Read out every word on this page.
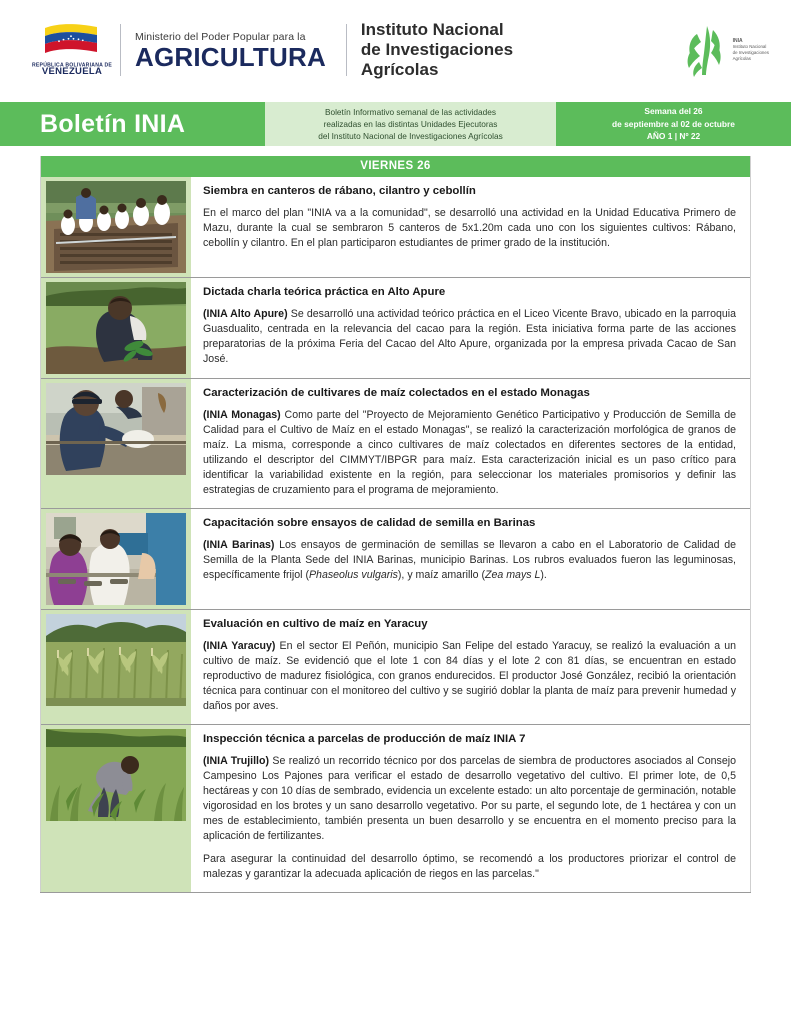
REPÚBLICA BOLIVARIANA DE
VENEZUELA
Ministerio del Poder Popular para la
AGRICULTURA
Instituto Nacional
de Investigaciones
Agrícolas
INIA
Instituto Nacional
de Investigaciones
Agrícolas
Boletín INIA	Boletín Informativo semanal de las actividades
realizadas en las distintas Unidades Ejecutoras
del Instituto Nacional de Investigaciones Agrícolas
Semana del 26
de septiembre al 02 de octubre
AÑO 1 | Nº 22
VIERNES 26
Siembra en canteros de rábano, cilantro y cebollín

En el marco del plan "INIA va a la comunidad", se desarrolló una actividad en la Unidad Educativa Primero de Mazu, durante la cual se sembraron 5 canteros de 5x1.20m cada uno con los siguientes cultivos: Rábano, cebollín y cilantro. En el plan participaron estudiantes de primer grado de la institución.

Dictada charla teórica práctica en Alto Apure

(INIA Alto Apure) Se desarrolló una actividad teórico práctica en el Liceo Vicente Bravo, ubicado en la parroquia Guasdualito, centrada en la relevancia del cacao para la región. Esta iniciativa forma parte de las acciones preparatorias de la próxima Feria del Cacao del Alto Apure, organizada por la empresa privada Cacao de San José.

Caracterización de cultivares de maíz colectados en el estado Monagas

(INIA Monagas) Como parte del "Proyecto de Mejoramiento Genético Participativo y Producción de Semilla de Calidad para el Cultivo de Maíz en el estado Monagas", se realizó la caracterización morfológica de granos de maíz. La misma, corresponde a cinco cultivares de maíz colectados en diferentes sectores de la entidad, utilizando el descriptor del CIMMYT/IBPGR para maíz. Esta caracterización inicial es un paso crítico para identificar la variabilidad existente en la región, para seleccionar los materiales promisorios y definir las estrategias de cruzamiento para el programa de mejoramiento.

Capacitación sobre ensayos de calidad de semilla en Barinas

(INIA Barinas) Los ensayos de germinación de semillas se llevaron a cabo en el Laboratorio de Calidad de Semilla de la Planta Sede del INIA Barinas, municipio Barinas. Los rubros evaluados fueron las leguminosas, específicamente frijol (Phaseolus vulgaris), y maíz amarillo (Zea mays L).

Evaluación en cultivo de maíz en Yaracuy

(INIA Yaracuy) En el sector El Peñón, municipio San Felipe del estado Yaracuy, se realizó la evaluación a un cultivo de maíz. Se evidenció que el lote 1 con 84 días y el lote 2 con 81 días, se encuentran en estado reproductivo de madurez fisiológica, con granos endurecidos. El productor José González, recibió la orientación técnica para continuar con el monitoreo del cultivo y se sugirió doblar la planta de maíz para prevenir humedad y daños por aves.

Inspección técnica a parcelas de producción de maíz INIA 7

(INIA Trujillo) Se realizó un recorrido técnico por dos parcelas de siembra de productores asociados al Consejo Campesino Los Pajones para verificar el estado de desarrollo vegetativo del cultivo. El primer lote, de 0,5 hectáreas y con 10 días de sembrado, evidencia un excelente estado: un alto porcentaje de germinación, notable vigorosidad en los brotes y un sano desarrollo vegetativo. Por su parte, el segundo lote, de 1 hectárea y con un mes de establecimiento, también presenta un buen desarrollo y se encuentra en el momento preciso para la aplicación de fertilizantes.

Para asegurar la continuidad del desarrollo óptimo, se recomendó a los productores priorizar el control de malezas y garantizar la adecuada aplicación de riegos en las parcelas."
